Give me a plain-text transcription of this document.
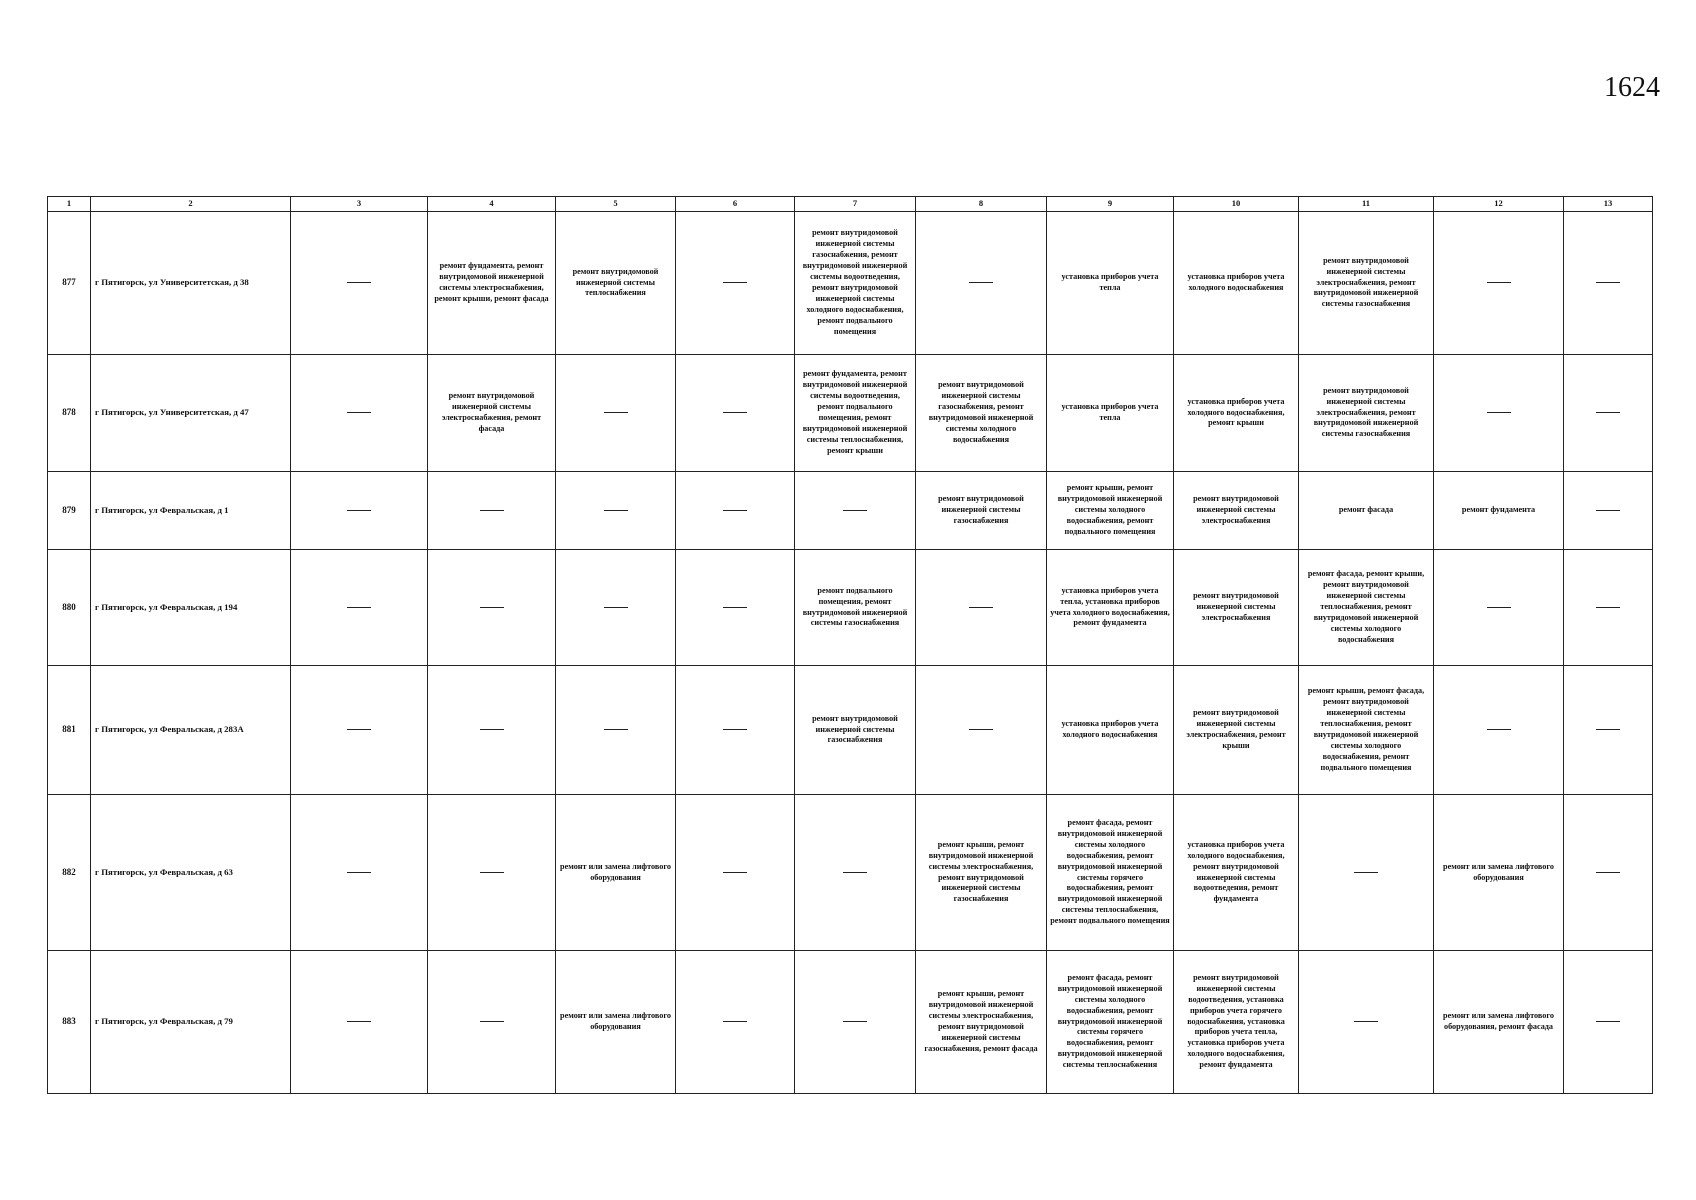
1624
1	2	3	4	5	6	7	8	9	10	11	12	13
877	г Пятигорск, ул Университетская, д 38		ремонт фундамента, ремонт внутридомовой инженерной системы электроснабжения, ремонт крыши, ремонт фасада	ремонт внутридомовой инженерной системы теплоснабжения		ремонт внутридомовой инженерной системы газоснабжения, ремонт внутридомовой инженерной системы водоотведения, ремонт внутридомовой инженерной системы холодного водоснабжения, ремонт подвального помещения		установка приборов учета тепла	установка приборов учета холодного водоснабжения	ремонт внутридомовой инженерной системы электроснабжения, ремонт внутридомовой инженерной системы газоснабжения		
878	г Пятигорск, ул Университетская, д 47		ремонт внутридомовой инженерной системы электроснабжения, ремонт фасада			ремонт фундамента, ремонт внутридомовой инженерной системы водоотведения, ремонт подвального помещения, ремонт внутридомовой инженерной системы теплоснабжения, ремонт крыши	ремонт внутридомовой инженерной системы газоснабжения, ремонт внутридомовой инженерной системы холодного водоснабжения	установка приборов учета тепла	установка приборов учета холодного водоснабжения, ремонт крыши	ремонт внутридомовой инженерной системы электроснабжения, ремонт внутридомовой инженерной системы газоснабжения		
879	г Пятигорск, ул Февральская, д 1						ремонт внутридомовой инженерной системы газоснабжения	ремонт крыши, ремонт внутридомовой инженерной системы холодного водоснабжения, ремонт подвального помещения	ремонт внутридомовой инженерной системы электроснабжения	ремонт фасада	ремонт фундамента	
880	г Пятигорск, ул Февральская, д 194					ремонт подвального помещения, ремонт внутридомовой инженерной системы газоснабжения		установка приборов учета тепла, установка приборов учета холодного водоснабжения, ремонт фундамента	ремонт внутридомовой инженерной системы электроснабжения	ремонт фасада, ремонт крыши, ремонт внутридомовой инженерной системы теплоснабжения, ремонт внутридомовой инженерной системы холодного водоснабжения		
881	г Пятигорск, ул Февральская, д 283А					ремонт внутридомовой инженерной системы газоснабжения		установка приборов учета холодного водоснабжения	ремонт внутридомовой инженерной системы электроснабжения, ремонт крыши	ремонт крыши, ремонт фасада, ремонт внутридомовой инженерной системы теплоснабжения, ремонт внутридомовой инженерной системы холодного водоснабжения, ремонт подвального помещения		
882	г Пятигорск, ул Февральская, д 63			ремонт или замена лифтового оборудования			ремонт крыши, ремонт внутридомовой инженерной системы электроснабжения, ремонт внутридомовой инженерной системы газоснабжения	ремонт фасада, ремонт внутридомовой инженерной системы холодного водоснабжения, ремонт внутридомовой инженерной системы горячего водоснабжения, ремонт внутридомовой инженерной системы теплоснабжения, ремонт подвального помещения	установка приборов учета холодного водоснабжения, ремонт внутридомовой инженерной системы водоотведения, ремонт фундамента		ремонт или замена лифтового оборудования	
883	г Пятигорск, ул Февральская, д 79			ремонт или замена лифтового оборудования			ремонт крыши, ремонт внутридомовой инженерной системы электроснабжения, ремонт внутридомовой инженерной системы газоснабжения, ремонт фасада	ремонт фасада, ремонт внутридомовой инженерной системы холодного водоснабжения, ремонт внутридомовой инженерной системы горячего водоснабжения, ремонт внутридомовой инженерной системы теплоснабжения	ремонт внутридомовой инженерной системы водоотведения, установка приборов учета горячего водоснабжения, установка приборов учета тепла, установка приборов учета холодного водоснабжения, ремонт фундамента		ремонт или замена лифтового оборудования, ремонт фасада	
